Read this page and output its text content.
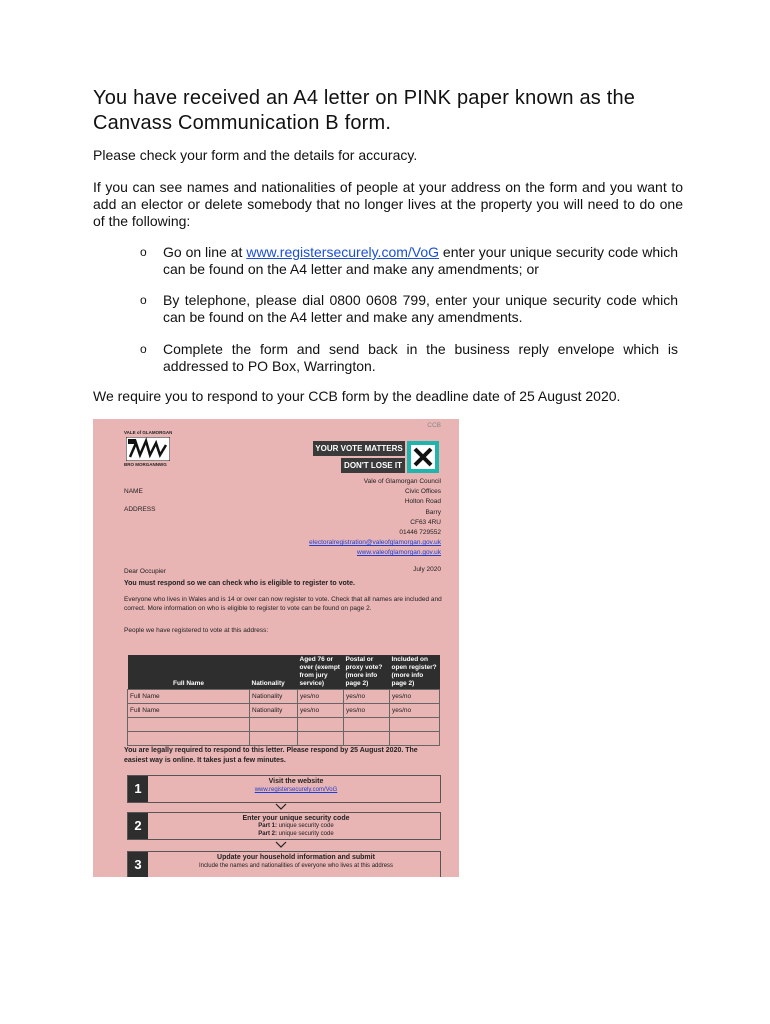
You have received an A4 letter on PINK paper known as the Canvass Communication B form.

Please check your form and the details for accuracy.

If you can see names and nationalities of people at your address on the form and you want to add an elector or delete somebody that no longer lives at the property you will need to do one of the following:

o Go on line at www.registersecurely.com/VoG enter your unique security code which can be found on the A4 letter and make any amendments; or
o By telephone, please dial 0800 0608 799, enter your unique security code which can be found on the A4 letter and make any amendments.
o Complete the form and send back in the business reply envelope which is addressed to PO Box, Warrington.

We require you to respond to your CCB form by the deadline date of 25 August 2020.

CCB
VALE of GLAMORGAN
BRO MORGANNWG
YOUR VOTE MATTERS
DON'T LOSE IT
NAME
ADDRESS
Vale of Glamorgan Council
Civic Offices
Holton Road
Barry
CF63 4RU
01446 729552
electoralregistration@valeofglamorgan.gov.uk
www.valeofglamorgan.gov.uk
Dear Occupier	July 2020
You must respond so we can check who is eligible to register to vote.
Everyone who lives in Wales and is 14 or over can now register to vote. Check that all names are included and correct. More information on who is eligible to register to vote can be found on page 2.
People we have registered to vote at this address:
Full Name	Nationality	Aged 76 or over (exempt from jury service)	Postal or proxy vote? (more info page 2)	Included on open register? (more info page 2)
Full Name	Nationality	yes/no	yes/no	yes/no
Full Name	Nationality	yes/no	yes/no	yes/no

You are legally required to respond to this letter. Please respond by 25 August 2020. The easiest way is online. It takes just a few minutes.
1	Visit the website
www.registersecurely.com/VoG
2	Enter your unique security code
Part 1: unique security code
Part 2: unique security code
3	Update your household information and submit
Include the names and nationalities of everyone who lives at this address
